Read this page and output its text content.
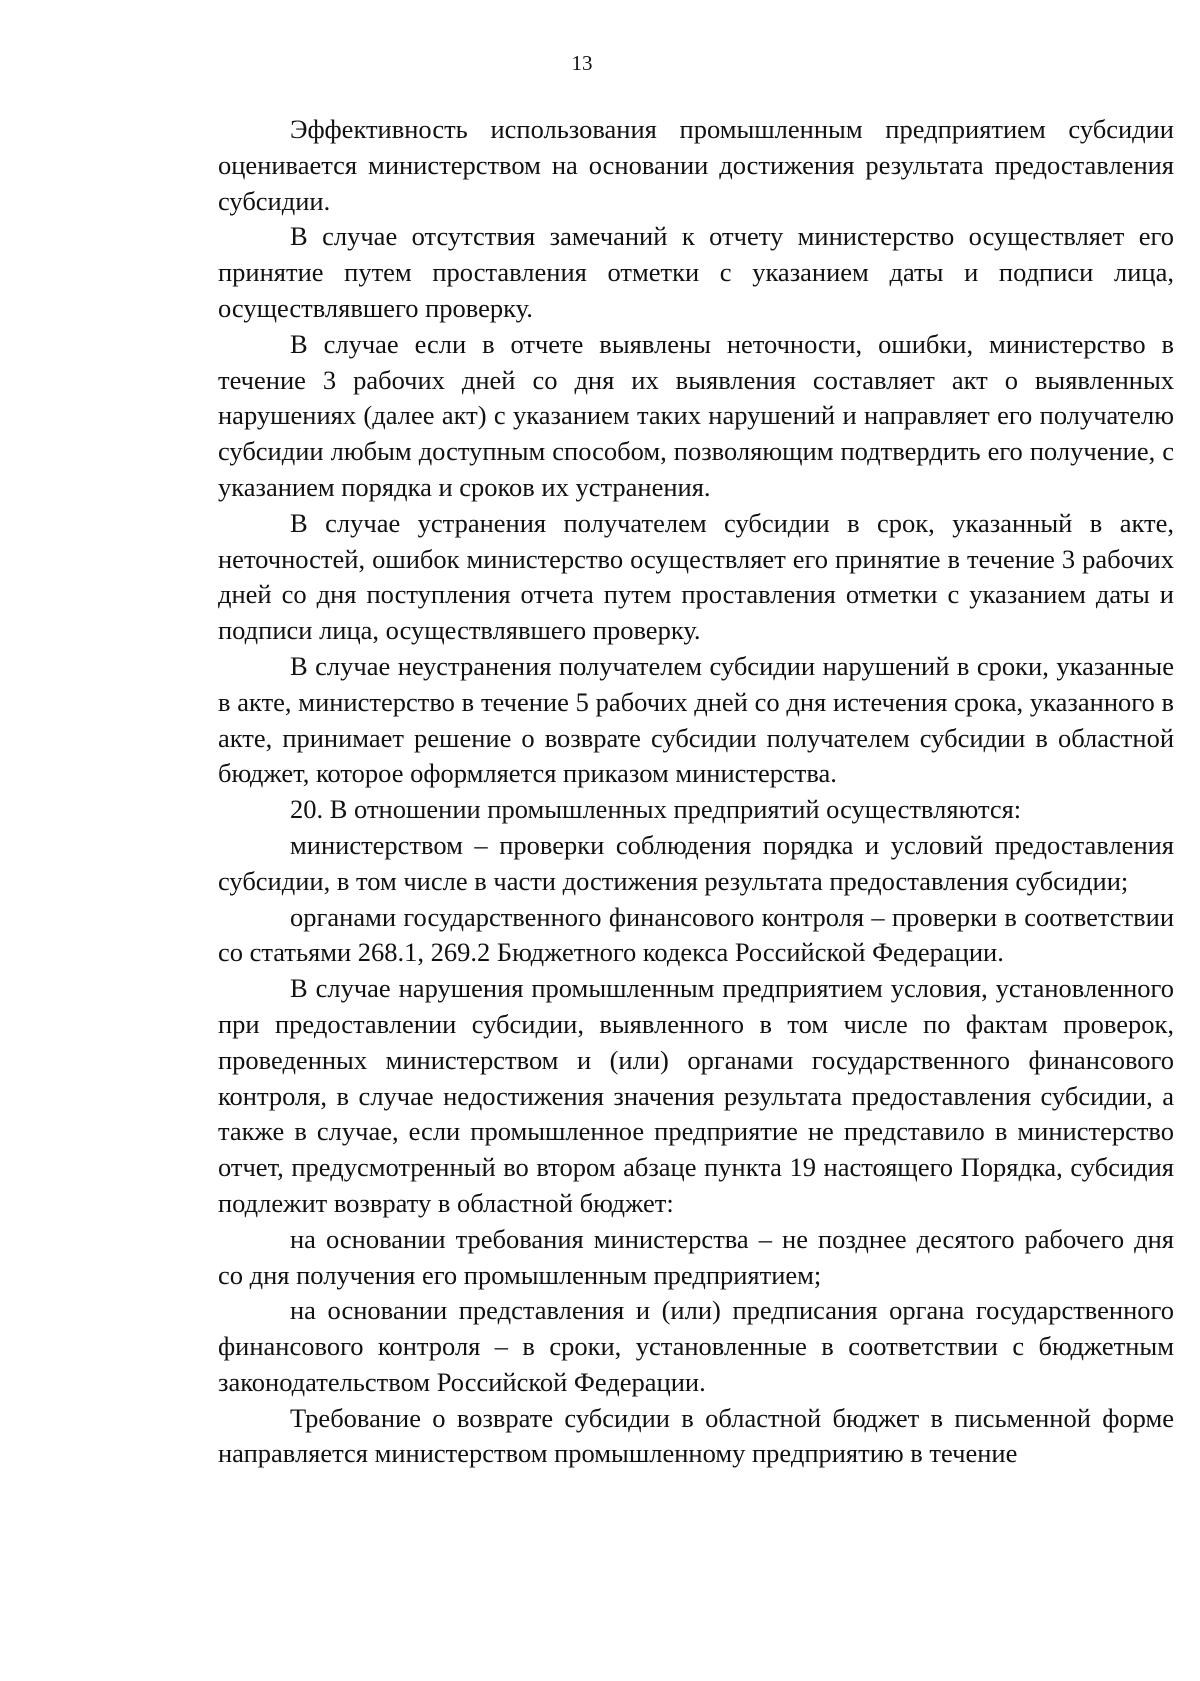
13

Эффективность использования промышленным предприятием субсидии оценивается министерством на основании достижения результата предоставления субсидии.

В случае отсутствия замечаний к отчету министерство осуществляет его принятие путем проставления отметки с указанием даты и подписи лица, осуществлявшего проверку.

В случае если в отчете выявлены неточности, ошибки, министерство в течение 3 рабочих дней со дня их выявления составляет акт о выявленных нарушениях (далее акт) с указанием таких нарушений и направляет его получателю субсидии любым доступным способом, позволяющим подтвердить его получение, с указанием порядка и сроков их устранения.

В случае устранения получателем субсидии в срок, указанный в акте, неточностей, ошибок министерство осуществляет его принятие в течение 3 рабочих дней со дня поступления отчета путем проставления отметки с указанием даты и подписи лица, осуществлявшего проверку.

В случае неустранения получателем субсидии нарушений в сроки, указанные в акте, министерство в течение 5 рабочих дней со дня истечения срока, указанного в акте, принимает решение о возврате субсидии получателем субсидии в областной бюджет, которое оформляется приказом министерства.

20. В отношении промышленных предприятий осуществляются:

министерством – проверки соблюдения порядка и условий предоставления субсидии, в том числе в части достижения результата предоставления субсидии;

органами государственного финансового контроля – проверки в соответствии со статьями 268.1, 269.2 Бюджетного кодекса Российской Федерации.

В случае нарушения промышленным предприятием условия, установленного при предоставлении субсидии, выявленного в том числе по фактам проверок, проведенных министерством и (или) органами государственного финансового контроля, в случае недостижения значения результата предоставления субсидии, а также в случае, если промышленное предприятие не представило в министерство отчет, предусмотренный во втором абзаце пункта 19 настоящего Порядка, субсидия подлежит возврату в областной бюджет:

на основании требования министерства – не позднее десятого рабочего дня со дня получения его промышленным предприятием;

на основании представления и (или) предписания органа государственного финансового контроля – в сроки, установленные в соответствии с бюджетным законодательством Российской Федерации.

Требование о возврате субсидии в областной бюджет в письменной форме направляется министерством промышленному предприятию в течение
